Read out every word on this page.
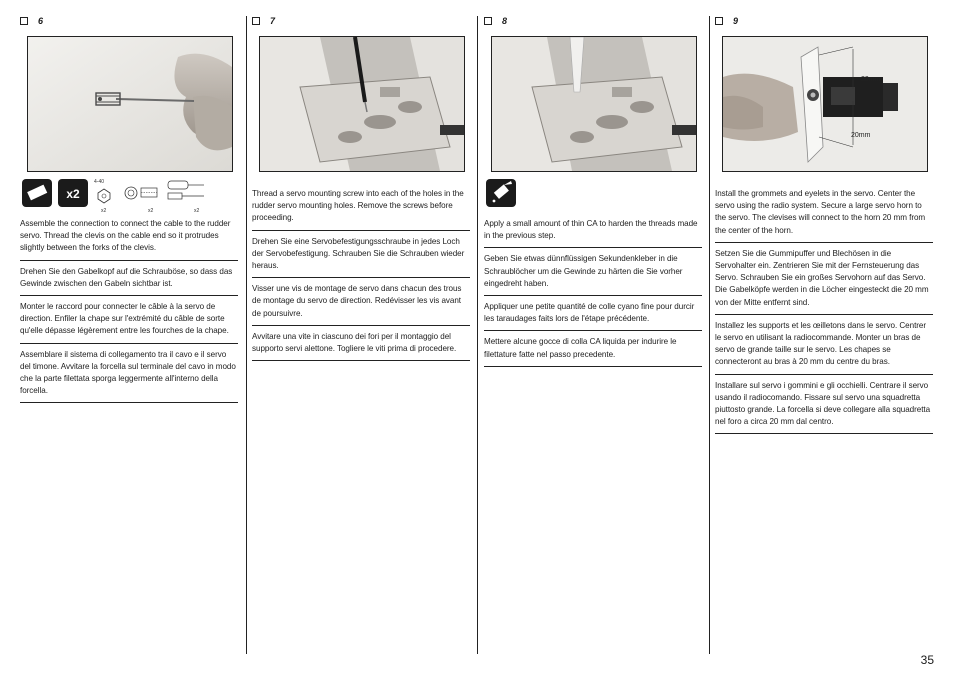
6
x2
4-40
x2	x2	x2

Assemble the connection to connect the cable to the rudder servo. Thread the clevis on the cable end so it protrudes slightly between the forks of the clevis.

Drehen Sie den Gabelkopf auf die Schrauböse, so dass das Gewinde zwischen den Gabeln sichtbar ist.

Monter le raccord pour connecter le câble à la servo de direction. Enfiler la chape sur l'extrémité du câble de sorte qu'elle dépasse légèrement entre les fourches de la chape.

Assemblare il sistema di collegamento tra il cavo e il servo del timone. Avvitare la forcella sul terminale del cavo in modo che la parte filettata sporga leggermente all'interno della forcella.

7

Thread a servo mounting screw into each of the holes in the rudder servo mounting holes. Remove the screws before proceeding.

Drehen Sie eine Servobefestigungsschraube in jedes Loch der Servobefestigung. Schrauben Sie die Schrauben wieder heraus.

Visser une vis de montage de servo dans chacun des trous de montage du servo de direction. Redévisser les vis avant de poursuivre.

Avvitare una vite in ciascuno dei fori per il montaggio del supporto servi alettone. Togliere le viti prima di procedere.

8

Apply a small amount of thin CA to harden the threads made in the previous step.

Geben Sie etwas dünnflüssigen Sekundenkleber in die Schraublöcher um die Gewinde zu härten die Sie vorher eingedreht haben.

Appliquer une petite quantité de colle cyano fine pour durcir les taraudages faits lors de l'étape précédente.

Mettere alcune gocce di colla CA liquida per indurire le filettature fatte nel passo precedente.

9
20mm
20mm

Install the grommets and eyelets in the servo. Center the servo using the radio system. Secure a large servo horn to the servo. The clevises will connect to the horn 20 mm from the center of the horn.

Setzen Sie die Gummipuffer und Blechösen in die Servohalter ein. Zentrieren Sie mit der Fernsteuerung das Servo. Schrauben Sie ein großes Servohorn auf das Servo. Die Gabelköpfe werden in die Löcher eingesteckt die 20 mm von der Mitte entfernt sind.

Installez les supports et les œilletons dans le servo. Centrer le servo en utilisant la radiocommande. Monter un bras de servo de grande taille sur le servo. Les chapes se connecteront au bras à 20 mm du centre du bras.

Installare sul servo i gommini e gli occhielli. Centrare il servo usando il radiocomando. Fissare sul servo una squadretta piuttosto grande. La forcella si deve collegare alla squadretta nel foro a circa 20 mm dal centro.

35
